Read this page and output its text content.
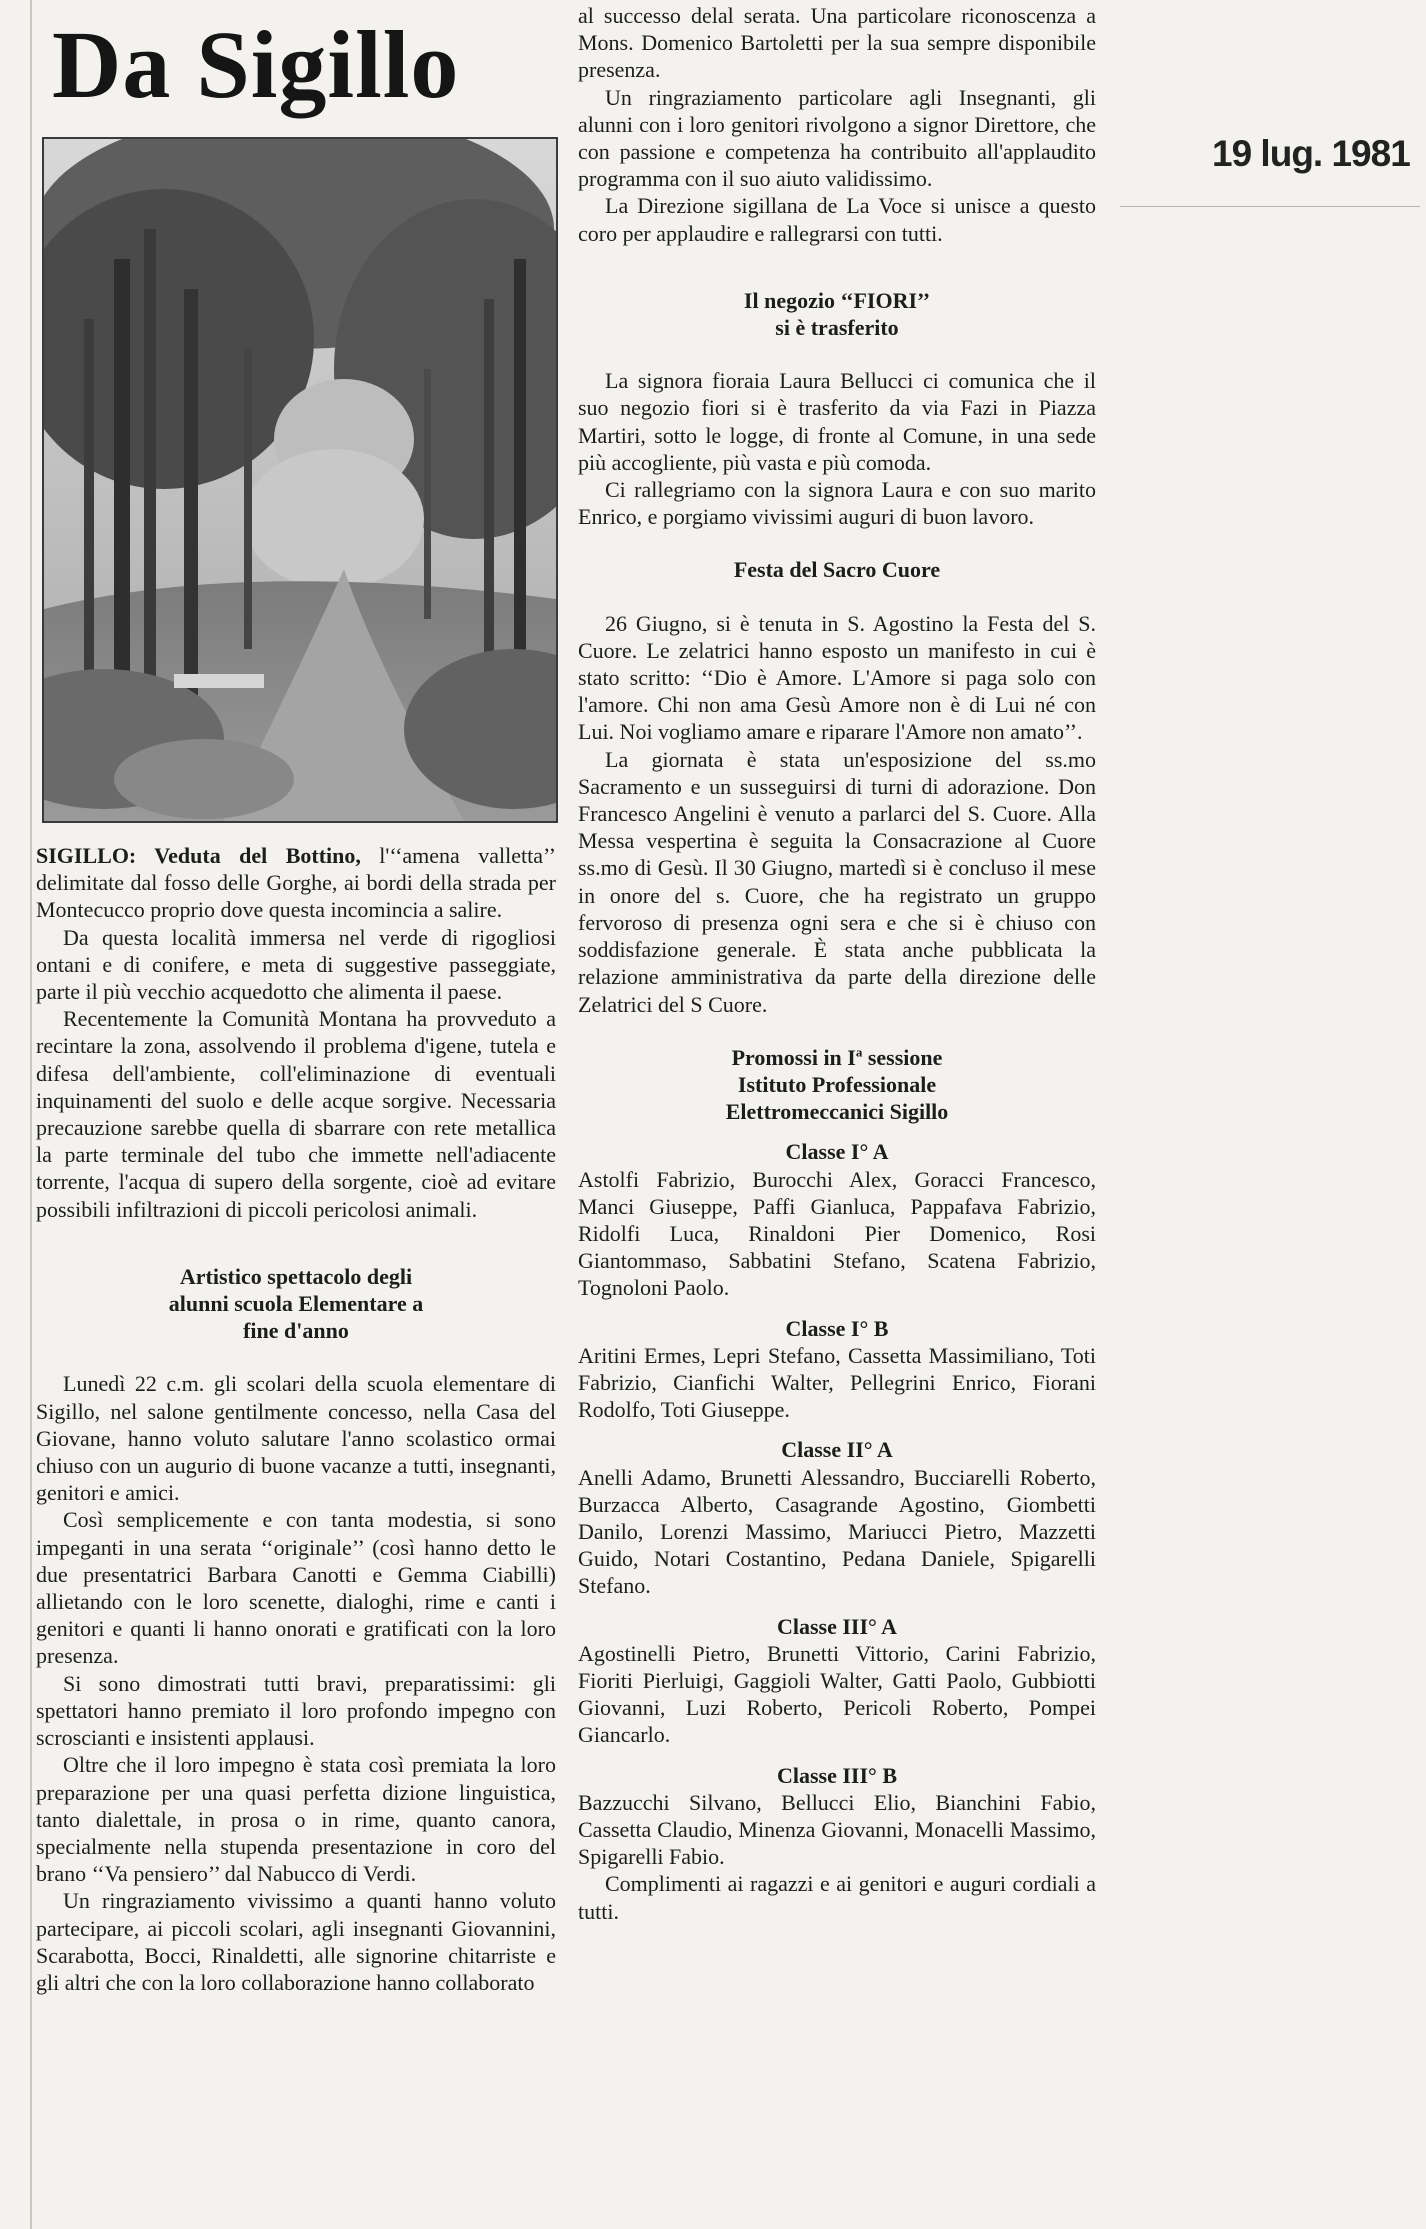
Da Sigillo

SIGILLO: Veduta del Bottino, l'‘‘amena valletta’’ delimitate dal fosso delle Gorghe, ai bordi della strada per Montecucco proprio dove questa incomincia a salire.

Da questa località immersa nel verde di rigogliosi ontani e di conifere, e meta di suggestive passeggiate, parte il più vecchio acquedotto che alimenta il paese.

Recentemente la Comunità Montana ha provveduto a recintare la zona, assolvendo il problema d'igene, tutela e difesa dell'ambiente, coll'eliminazione di eventuali inquinamenti del suolo e delle acque sorgive. Necessaria precauzione sarebbe quella di sbarrare con rete metallica la parte terminale del tubo che immette nell'adiacente torrente, l'acqua di supero della sorgente, cioè ad evitare possibili infiltrazioni di piccoli pericolosi animali.

Artistico spettacolo degli
alunni scuola Elementare a
fine d'anno

Lunedì 22 c.m. gli scolari della scuola elementare di Sigillo, nel salone gentilmente concesso, nella Casa del Giovane, hanno voluto salutare l'anno scolastico ormai chiuso con un augurio di buone vacanze a tutti, insegnanti, genitori e amici.

Così semplicemente e con tanta modestia, si sono impeganti in una serata ‘‘originale’’ (così hanno detto le due presentatrici Barbara Canotti e Gemma Ciabilli) allietando con le loro scenette, dialoghi, rime e canti i genitori e quanti li hanno onorati e gratificati con la loro presenza.

Si sono dimostrati tutti bravi, preparatissimi: gli spettatori hanno premiato il loro profondo impegno con scroscianti e insistenti applausi.

Oltre che il loro impegno è stata così premiata la loro preparazione per una quasi perfetta dizione linguistica, tanto dialettale, in prosa o in rime, quanto canora, specialmente nella stupenda presentazione in coro del brano ‘‘Va pensiero’’ dal Nabucco di Verdi.

Un ringraziamento vivissimo a quanti hanno voluto partecipare, ai piccoli scolari, agli insegnanti Giovannini, Scarabotta, Bocci, Rinaldetti, alle signorine chitarriste e gli altri che con la loro collaborazione hanno collaborato

al successo delal serata. Una particolare riconoscenza a Mons. Domenico Bartoletti per la sua sempre disponibile presenza.

Un ringraziamento particolare agli Insegnanti, gli alunni con i loro genitori rivolgono a signor Direttore, che con passione e competenza ha contribuito all'applaudito programma con il suo aiuto validissimo.

La Direzione sigillana de La Voce si unisce a questo coro per applaudire e rallegrarsi con tutti.

Il negozio ‘‘FIORI’’
si è trasferito

La signora fioraia Laura Bellucci ci comunica che il suo negozio fiori si è trasferito da via Fazi in Piazza Martiri, sotto le logge, di fronte al Comune, in una sede più accogliente, più vasta e più comoda.

Ci rallegriamo con la signora Laura e con suo marito Enrico, e porgiamo vivissimi auguri di buon lavoro.

Festa del Sacro Cuore

26 Giugno, si è tenuta in S. Agostino la Festa del S. Cuore. Le zelatrici hanno esposto un manifesto in cui è stato scritto: ‘‘Dio è Amore. L'Amore si paga solo con l'amore. Chi non ama Gesù Amore non è di Lui né con Lui. Noi vogliamo amare e riparare l'Amore non amato’’.

La giornata è stata un'esposizione del ss.mo Sacramento e un susseguirsi di turni di adorazione. Don Francesco Angelini è venuto a parlarci del S. Cuore. Alla Messa vespertina è seguita la Consacrazione al Cuore ss.mo di Gesù. Il 30 Giugno, martedì si è concluso il mese in onore del s. Cuore, che ha registrato un gruppo fervoroso di presenza ogni sera e che si è chiuso con soddisfazione generale. È stata anche pubblicata la relazione amministrativa da parte della direzione delle Zelatrici del S Cuore.

Promossi in $I^a$ sessione
Istituto Professionale
Elettromeccanici Sigillo
Classe I° A

Astolfi Fabrizio, Burocchi Alex, Goracci Francesco, Manci Giuseppe, Paffi Gianluca, Pappafava Fabrizio, Ridolfi Luca, Rinaldoni Pier Domenico, Rosi Giantommaso, Sabbatini Stefano, Scatena Fabrizio, Tognoloni Paolo.

Classe I° B

Aritini Ermes, Lepri Stefano, Cassetta Massimiliano, Toti Fabrizio, Cianfichi Walter, Pellegrini Enrico, Fiorani Rodolfo, Toti Giuseppe.

Classe II° A

Anelli Adamo, Brunetti Alessandro, Bucciarelli Roberto, Burzacca Alberto, Casagrande Agostino, Giombetti Danilo, Lorenzi Massimo, Mariucci Pietro, Mazzetti Guido, Notari Costantino, Pedana Daniele, Spigarelli Stefano.

Classe III° A

Agostinelli Pietro, Brunetti Vittorio, Carini Fabrizio, Fioriti Pierluigi, Gaggioli Walter, Gatti Paolo, Gubbiotti Giovanni, Luzi Roberto, Pericoli Roberto, Pompei Giancarlo.

Classe III° B

Bazzucchi Silvano, Bellucci Elio, Bianchini Fabio, Cassetta Claudio, Minenza Giovanni, Monacelli Massimo, Spigarelli Fabio.

Complimenti ai ragazzi e ai genitori e auguri cordiali a tutti.

19 lug. 1981
